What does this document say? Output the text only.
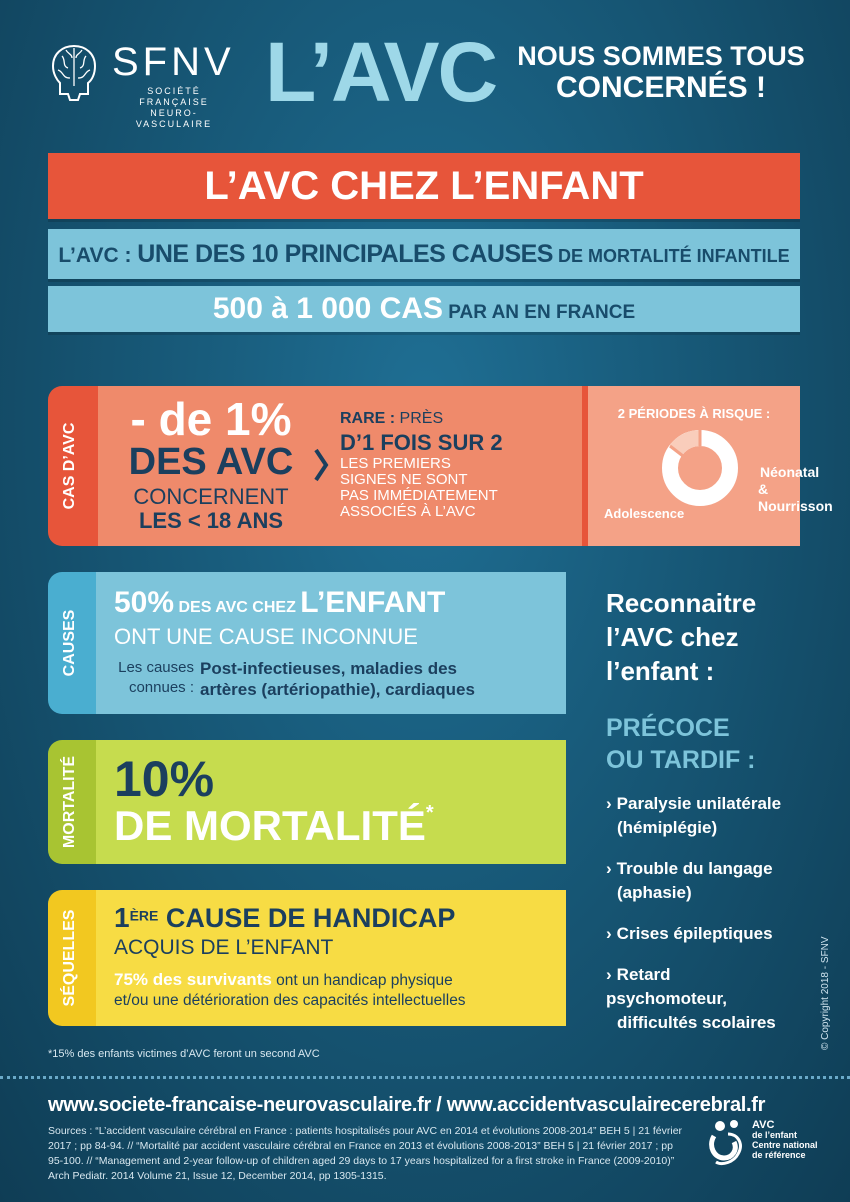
SFNV
SOCIÉTÉ FRANÇAISE
NEURO-VASCULAIRE
L’AVC NOUS SOMMES TOUS
CONCERNÉS !
L’AVC CHEZ L’ENFANT
L’AVC : UNE DES 10 PRINCIPALES CAUSES DE MORTALITÉ INFANTILE
500 à 1 000 CAS PAR AN EN FRANCE
CAS D’AVC
- de 1%
DES AVC
CONCERNENT
LES < 18 ANS
RARE : PRÈS
D’1 FOIS SUR 2
LES PREMIERS
SIGNES NE SONT
PAS IMMÉDIATEMENT
ASSOCIÉS À L’AVC
2 PÉRIODES À RISQUE :
Néonatal
& Nourrisson
Adolescence
CAUSES
50% DES AVC CHEZ L’ENFANT
ONT UNE CAUSE INCONNUE
Les causes
connues :
Post-infectieuses, maladies des
artères (artériopathie), cardiaques
MORTALITÉ 10%
DE MORTALITÉ*
SÉQUELLES 1ÈRE CAUSE DE HANDICAP
ACQUIS DE L’ENFANT
75% des survivants ont un handicap physique
et/ou une détérioration des capacités intellectuelles
Reconnaitre
l’AVC chez
l’enfant :
PRÉCOCE
OU TARDIF :
› Paralysie unilatérale
(hémiplégie)
› Trouble du langage
(aphasie)
› Crises épileptiques
› Retard psychomoteur,
difficultés scolaires	© Copyright 2018 - SFNV
*15% des enfants victimes d’AVC feront un second AVC
www.societe-francaise-neurovasculaire.fr / www.accidentvasculairecerebral.fr
Sources : “L’accident vasculaire cérébral en France : patients hospitalisés pour AVC en 2014 et évolutions 2008-2014” BEH 5 | 21 février 2017 ; pp 84-94. // “Mortalité par accident vasculaire cérébral en France en 2013 et évolutions 2008-2013” BEH 5 | 21 février 2017 ; pp 95-100. // “Management and 2-year follow-up of children aged 29 days to 17 years hospitalized for a first stroke in France (2009-2010)” Arch Pediatr. 2014 Volume 21, Issue 12, December 2014, pp 1305-1315.
AVC
de l’enfant
Centre national
de référence
